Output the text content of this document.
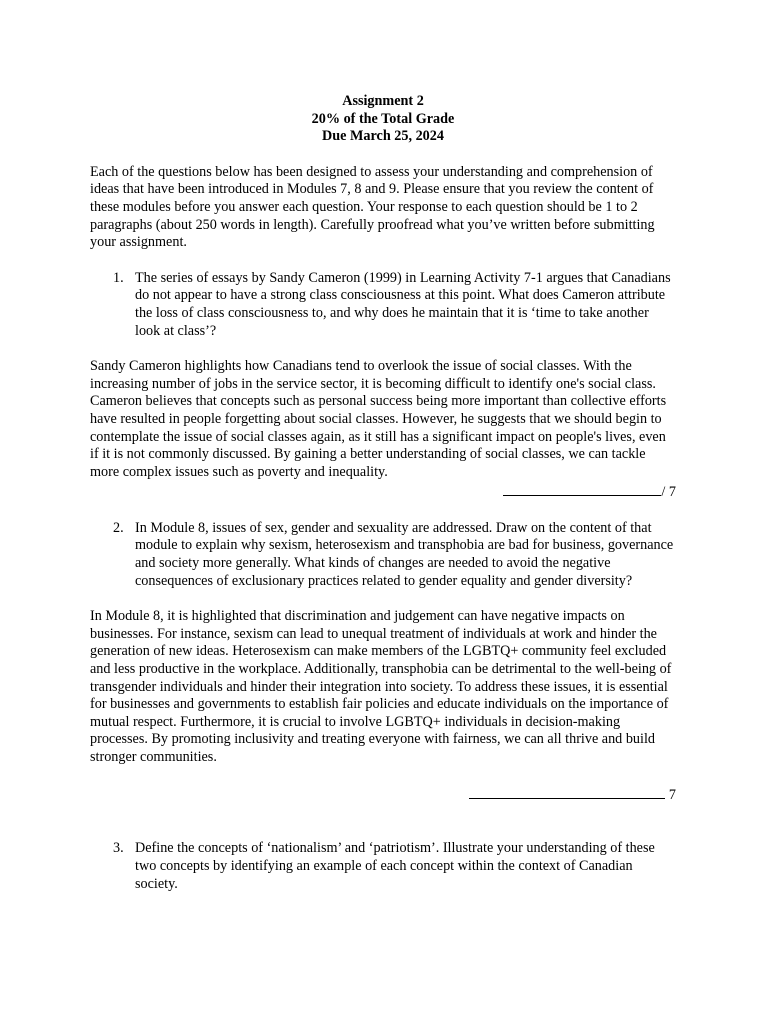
Assignment 2
20% of the Total Grade
Due March 25, 2024

Each of the questions below has been designed to assess your understanding and comprehension of ideas that have been introduced in Modules 7, 8 and 9. Please ensure that you review the content of these modules before you answer each question. Your response to each question should be 1 to 2 paragraphs (about 250 words in length). Carefully proofread what you’ve written before submitting your assignment.

1. The series of essays by Sandy Cameron (1999) in Learning Activity 7-1 argues that Canadians do not appear to have a strong class consciousness at this point. What does Cameron attribute the loss of class consciousness to, and why does he maintain that it is ‘time to take another look at class’?

Sandy Cameron highlights how Canadians tend to overlook the issue of social classes. With the increasing number of jobs in the service sector, it is becoming difficult to identify one's social class. Cameron believes that concepts such as personal success being more important than collective efforts have resulted in people forgetting about social classes. However, he suggests that we should begin to contemplate the issue of social classes again, as it still has a significant impact on people's lives, even if it is not commonly discussed. By gaining a better understanding of social classes, we can tackle more complex issues such as poverty and inequality.

/ 7
2. In Module 8, issues of sex, gender and sexuality are addressed. Draw on the content of that module to explain why sexism, heterosexism and transphobia are bad for business, governance and society more generally. What kinds of changes are needed to avoid the negative consequences of exclusionary practices related to gender equality and gender diversity?

In Module 8, it is highlighted that discrimination and judgement can have negative impacts on businesses. For instance, sexism can lead to unequal treatment of individuals at work and hinder the generation of new ideas. Heterosexism can make members of the LGBTQ+ community feel excluded and less productive in the workplace. Additionally, transphobia can be detrimental to the well-being of transgender individuals and hinder their integration into society. To address these issues, it is essential for businesses and governments to establish fair policies and educate individuals on the importance of mutual respect. Furthermore, it is crucial to involve LGBTQ+ individuals in decision-making processes. By promoting inclusivity and treating everyone with fairness, we can all thrive and build stronger communities.

7
3. Define the concepts of ‘nationalism’ and ‘patriotism’. Illustrate your understanding of these two concepts by identifying an example of each concept within the context of Canadian society.
